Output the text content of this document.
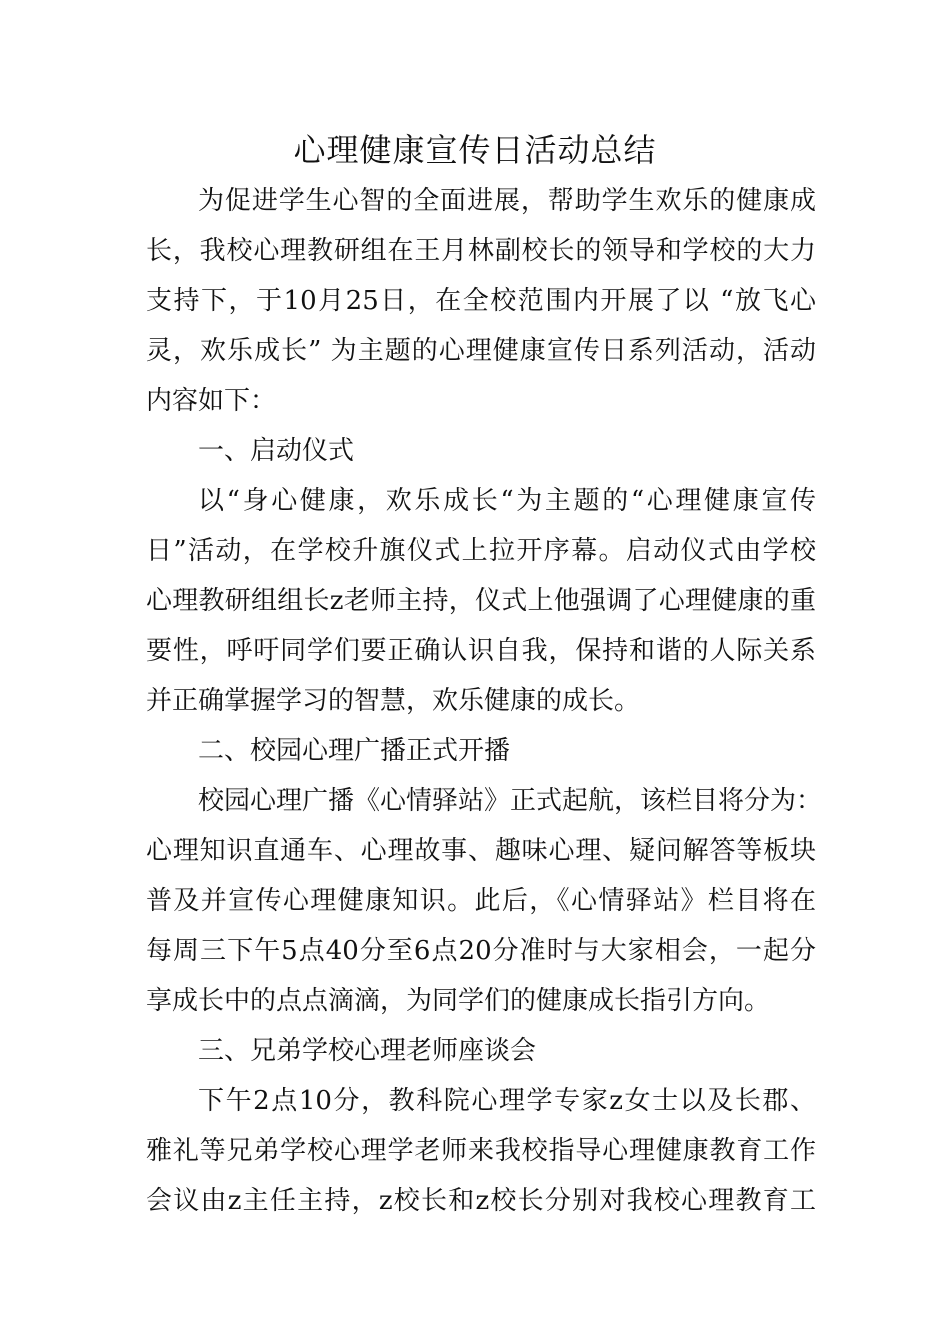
心理健康宣传日活动总结
为促进学生心智的全面进展，帮助学生欢乐的健康成
长，我校心理教研组在王月林副校长的领导和学校的大力
支持下，于10月25日，在全校范围内开展了以 “放飞心
灵，欢乐成长” 为主题的心理健康宣传日系列活动，活动
内容如下：
一、启动仪式
以“身心健康，欢乐成长“为主题的“心理健康宣传
日”活动，在学校升旗仪式上拉开序幕。启动仪式由学校
心理教研组组长z老师主持，仪式上他强调了心理健康的重
要性，呼吁同学们要正确认识自我，保持和谐的人际关系
并正确掌握学习的智慧，欢乐健康的成长。
二、校园心理广播正式开播
校园心理广播《心情驿站》正式起航，该栏目将分为：
心理知识直通车、心理故事、趣味心理、疑问解答等板块
普及并宣传心理健康知识。此后，《心情驿站》栏目将在
每周三下午5点40分至6点20分准时与大家相会，一起分
享成长中的点点滴滴，为同学们的健康成长指引方向。
三、兄弟学校心理老师座谈会
下午2点10分，教科院心理学专家z女士以及长郡、
雅礼等兄弟学校心理学老师来我校指导心理健康教育工作
会议由z主任主持，z校长和z校长分别对我校心理教育工
